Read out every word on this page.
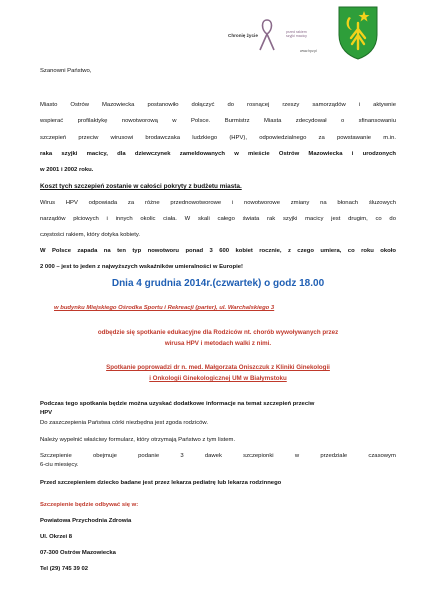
Chronię życie
przed rakiem
szyjki macicy
www.hpv.pl
Szanowni Państwo,
Miasto Ostrów Mazowiecka postanowiło dołączyć do rosnącej rzeszy samorządów i aktywnie
wspierać profilaktykę nowotworową w Polsce. Burmistrz Miasta zdecydował o sfinansowaniu
szczepień przeciw wirusowi brodawczaka ludzkiego (HPV), odpowiedzialnego za powstawanie m.in.
raka szyjki macicy, dla dziewczynek zameldowanych w mieście Ostrów Mazowiecka i urodzonych
w 2001 i 2002 roku.
Koszt tych szczepień zostanie w całości pokryty z budżetu miasta.
Wirus HPV odpowiada za różne przednowotworowe i nowotworowe zmiany na błonach śluzowych
narządów płciowych i innych okolic ciała. W skali całego świata rak szyjki macicy jest drugim, co do
częstości rakiem, który dotyka kobiety.
W Polsce zapada na ten typ nowotworu ponad 3 600 kobiet rocznie, z czego umiera, co roku około
2 000 – jest to jeden z najwyższych wskaźników umieralności w Europie!
Dnia 4 grudnia 2014r.(czwartek) o godz 18.00
w budynku Miejskiego Ośrodka Sportu i Rekreacji (parter), ul. Warchalskiego 3
odbędzie się spotkanie edukacyjne dla Rodziców nt. chorób wywoływanych przez
wirusa HPV i metodach walki z nimi.
Spotkanie poprowadzi dr n. med. Małgorzata Oniszczuk z Kliniki Ginekologii
i Onkologii Ginekologicznej UM w Białymstoku
Podczas tego spotkania będzie można uzyskać dodatkowe informacje na temat szczepień przeciw
HPV
Do zaszczepienia Państwa córki niezbędna jest zgoda rodziców.
Należy wypełnić właściwy formularz, który otrzymają Państwo z tym listem.
Szczepienie	obejmuje	podanie	3	dawek	szczepionki	w	przedziale	czasowym
6-ciu miesięcy.
Przed szczepieniem dziecko badane jest przez lekarza pediatrę lub lekarza rodzinnego
Szczepienie będzie odbywać się w:
Powiatowa Przychodnia Zdrowia
Ul. Okrzei 8
07-300 Ostrów Mazowiecka
Tel (29) 745 39 02
